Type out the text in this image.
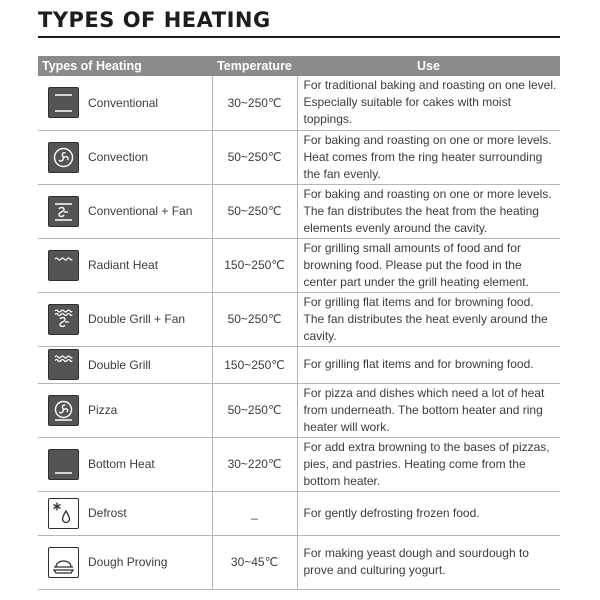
TYPES OF HEATING
Types of Heating		Temperature	Use

	Conventional	30~250℃	For traditional baking and roasting on one level. Especially suitable for cakes with moist toppings.

	Convection	50~250℃	For baking and roasting on one or more levels. Heat comes from the ring heater surrounding the fan evenly.

	Conventional + Fan	50~250℃	For baking and roasting on one or more levels. The fan distributes the heat from the heating elements evenly around the cavity.

	Radiant Heat	150~250℃	For grilling small amounts of food and for browning food. Please put the food in the center part under the grill heating element.

	Double Grill + Fan	50~250℃	For grilling flat items and for browning food. The fan distributes the heat evenly around the cavity.

	Double Grill	150~250℃	For grilling flat items and for browning food.

	Pizza	50~250℃	For pizza and dishes which need a lot of heat from underneath. The bottom heater and ring heater will work.

	Bottom Heat	30~220℃	For add extra browning to the bases of pizzas, pies, and pastries. Heating come from the bottom heater.

	Defrost	_	For gently defrosting frozen food.

	Dough Proving	30~45℃	For making yeast dough and sourdough to prove and culturing yogurt.
